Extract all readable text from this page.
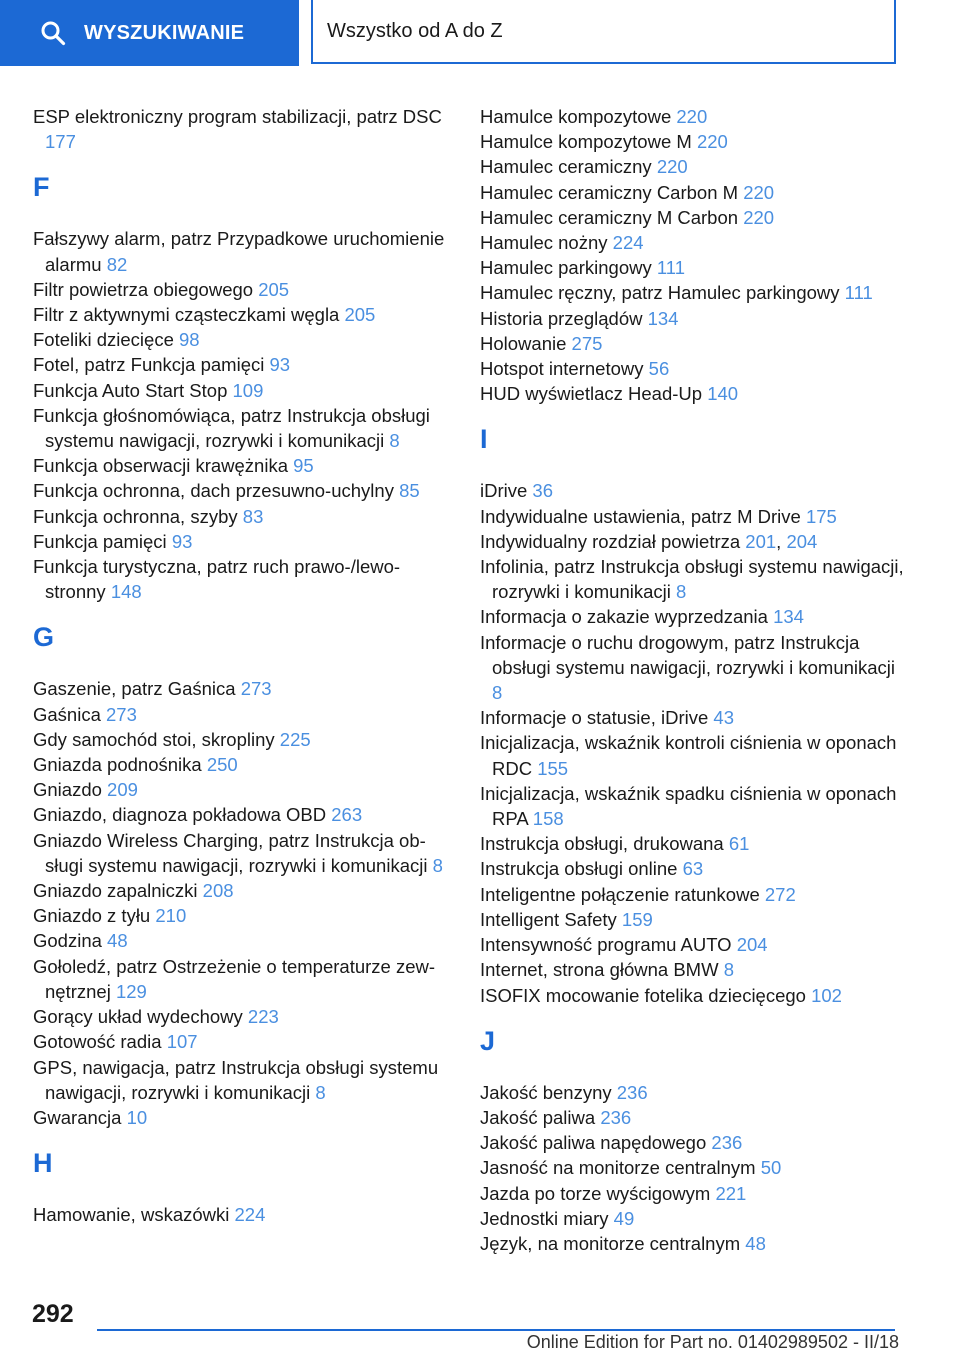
WYSZUKIWANIE	Wszystko od A do Z
ESP elektroniczny program stabilizacji, patrz DSC 177
F
Fałszywy alarm, patrz Przypadkowe uruchomienie alarmu 82
Filtr powietrza obiegowego 205
Filtr z aktywnymi cząsteczkami węgla 205
Foteliki dziecięce 98
Fotel, patrz Funkcja pamięci 93
Funkcja Auto Start Stop 109
Funkcja głośnomówiąca, patrz Instrukcja obsługi systemu nawigacji, rozrywki i komunikacji 8
Funkcja obserwacji krawężnika 95
Funkcja ochronna, dach przesuwno-uchylny 85
Funkcja ochronna, szyby 83
Funkcja pamięci 93
Funkcja turystyczna, patrz ruch prawo-/lewostronny 148
G
Gaszenie, patrz Gaśnica 273
Gaśnica 273
Gdy samochód stoi, skropliny 225
Gniazda podnośnika 250
Gniazdo 209
Gniazdo, diagnoza pokładowa OBD 263
Gniazdo Wireless Charging, patrz Instrukcja obsługi systemu nawigacji, rozrywki i komunikacji 8
Gniazdo zapalniczki 208
Gniazdo z tyłu 210
Godzina 48
Gołoledź, patrz Ostrzeżenie o temperaturze zewnętrznej 129
Gorący układ wydechowy 223
Gotowość radia 107
GPS, nawigacja, patrz Instrukcja obsługi systemu nawigacji, rozrywki i komunikacji 8
Gwarancja 10
H
Hamowanie, wskazówki 224
Hamulce kompozytowe 220
Hamulce kompozytowe M 220
Hamulec ceramiczny 220
Hamulec ceramiczny Carbon M 220
Hamulec ceramiczny M Carbon 220
Hamulec nożny 224
Hamulec parkingowy 111
Hamulec ręczny, patrz Hamulec parkingowy 111
Historia przeglądów 134
Holowanie 275
Hotspot internetowy 56
HUD wyświetlacz Head-Up 140
I
iDrive 36
Indywidualne ustawienia, patrz M Drive 175
Indywidualny rozdział powietrza 201, 204
Infolinia, patrz Instrukcja obsługi systemu nawigacji, rozrywki i komunikacji 8
Informacja o zakazie wyprzedzania 134
Informacje o ruchu drogowym, patrz Instrukcja obsługi systemu nawigacji, rozrywki i komunikacji 8
Informacje o statusie, iDrive 43
Inicjalizacja, wskaźnik kontroli ciśnienia w oponach RDC 155
Inicjalizacja, wskaźnik spadku ciśnienia w oponach RPA 158
Instrukcja obsługi, drukowana 61
Instrukcja obsługi online 63
Inteligentne połączenie ratunkowe 272
Intelligent Safety 159
Intensywność programu AUTO 204
Internet, strona główna BMW 8
ISOFIX mocowanie fotelika dziecięcego 102
J
Jakość benzyny 236
Jakość paliwa 236
Jakość paliwa napędowego 236
Jasność na monitorze centralnym 50
Jazda po torze wyścigowym 221
Jednostki miary 49
Język, na monitorze centralnym 48
292
Online Edition for Part no. 01402989502 - II/18
